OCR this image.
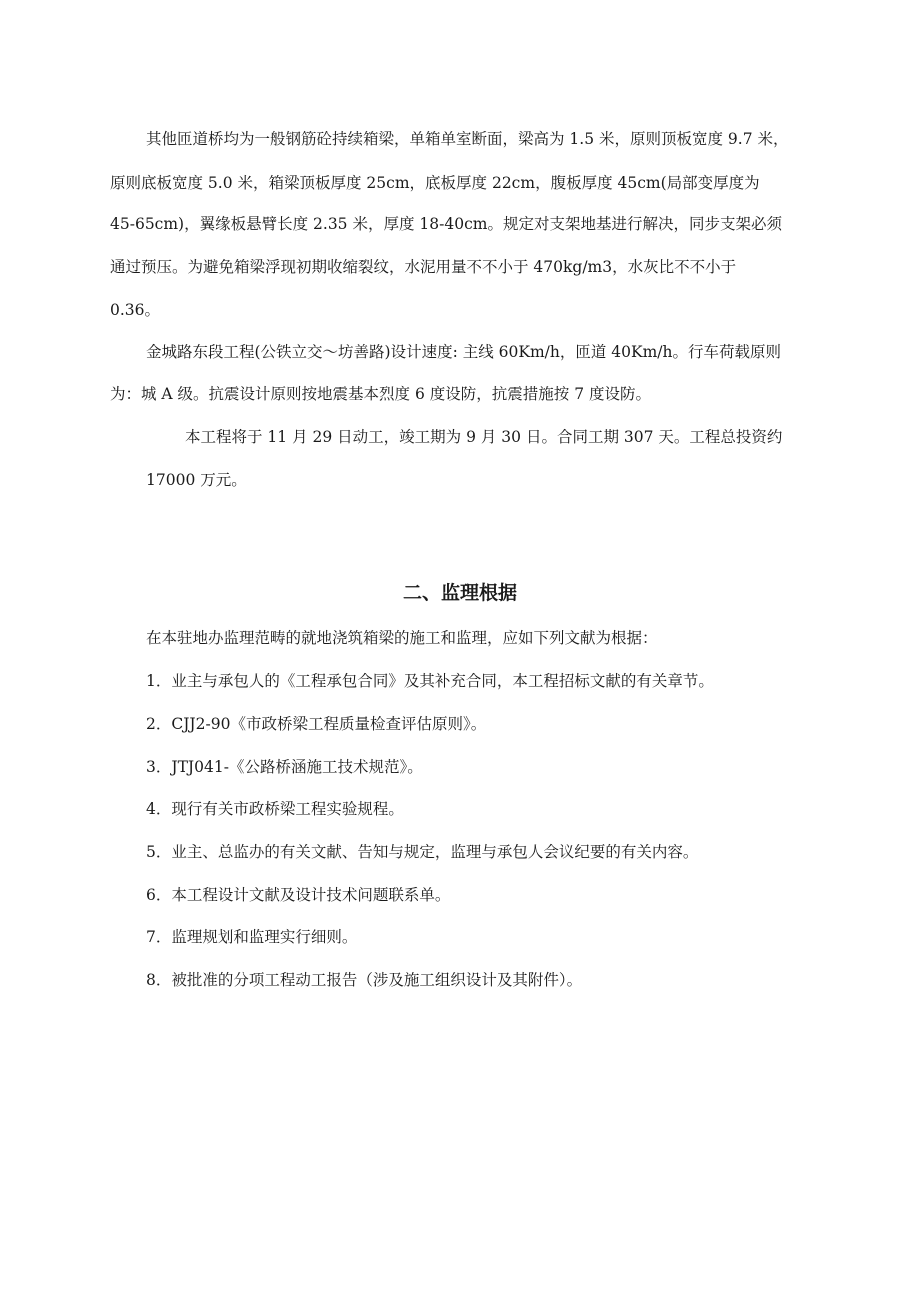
其他匝道桥均为一般钢筋砼持续箱梁，单箱单室断面，梁高为 1.5 米，原则顶板宽度 9.7 米，
原则底板宽度 5.0 米，箱梁顶板厚度 25cm，底板厚度 22cm，腹板厚度 45cm(局部变厚度为
45-65cm)，翼缘板悬臂长度 2.35 米，厚度 18-40cm。规定对支架地基进行解决，同步支架必须
通过预压。为避免箱梁浮现初期收缩裂纹，水泥用量不不小于 470kg/m3，水灰比不不小于
0.36。
金城路东段工程(公铁立交～坊善路)设计速度: 主线 60Km/h，匝道 40Km/h。行车荷载原则
为：城 A 级。抗震设计原则按地震基本烈度 6 度设防，抗震措施按 7 度设防。
本工程将于 11 月 29 日动工，竣工期为 9 月 30 日。合同工期 307 天。工程总投资约
17000 万元。
二、监理根据
在本驻地办监理范畴的就地浇筑箱梁的施工和监理，应如下列文献为根据：
1．业主与承包人的《工程承包合同》及其补充合同，本工程招标文献的有关章节。
2．CJJ2-90《市政桥梁工程质量检查评估原则》。
3．JTJ041-《公路桥涵施工技术规范》。
4．现行有关市政桥梁工程实验规程。
5．业主、总监办的有关文献、告知与规定，监理与承包人会议纪要的有关内容。
6．本工程设计文献及设计技术问题联系单。
7．监理规划和监理实行细则。
8．被批准的分项工程动工报告（涉及施工组织设计及其附件）。
